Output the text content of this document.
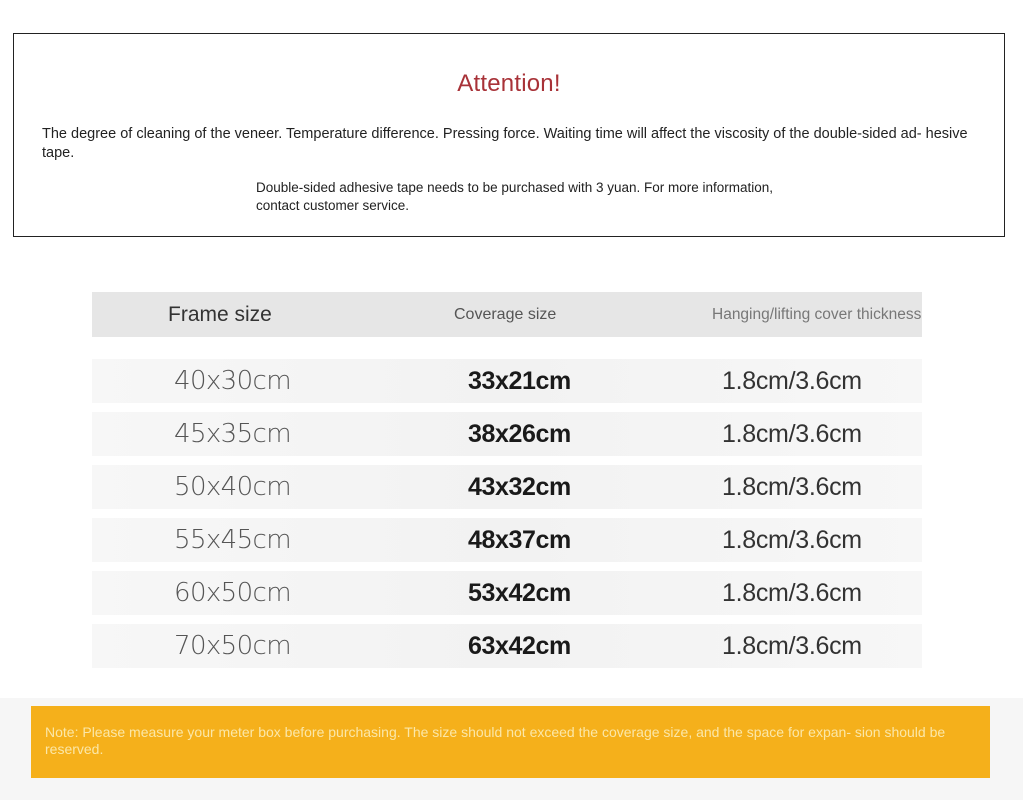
Attention!
The degree of cleaning of the veneer. Temperature difference. Pressing force. Waiting time will affect the viscosity of the double-sided ad- hesive tape.
Double-sided adhesive tape needs to be purchased with 3 yuan. For more information, contact customer service.
Frame size	Coverage size	Hanging/lifting cover thickness
40x30cm	33x21cm	1.8cm/3.6cm
45x35cm	38x26cm	1.8cm/3.6cm
50x40cm	43x32cm	1.8cm/3.6cm
55x45cm	48x37cm	1.8cm/3.6cm
60x50cm	53x42cm	1.8cm/3.6cm
70x50cm	63x42cm	1.8cm/3.6cm
Note: Please measure your meter box before purchasing. The size should not exceed the coverage size, and the space for expan- sion should be reserved.
